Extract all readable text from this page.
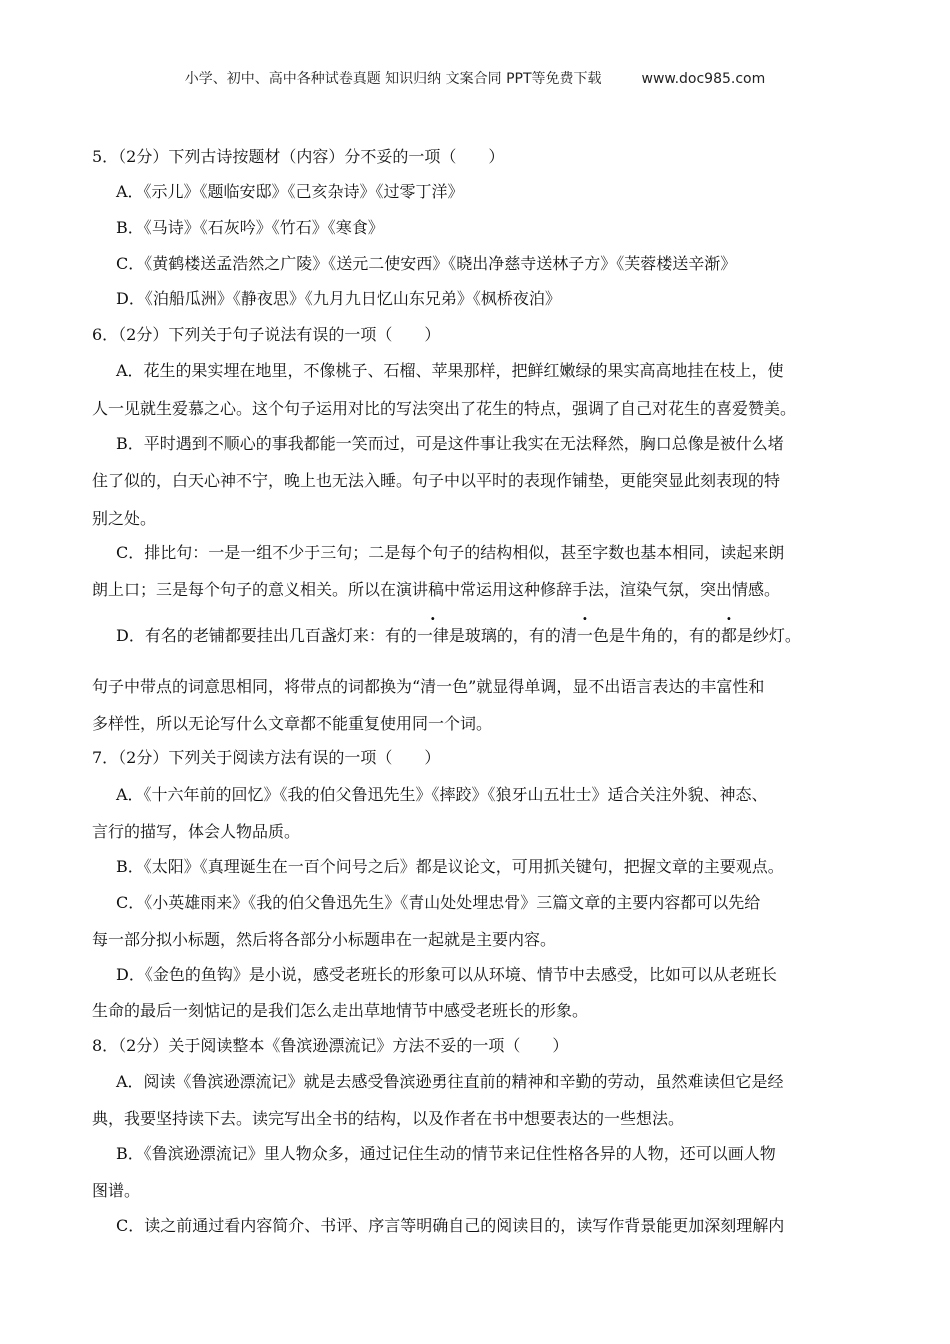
小学、初中、高中各种试卷真题 知识归纳 文案合同 PPT等免费下载	www.doc985.com
5．（2分）下列古诗按题材（内容）分不妥的一项（　　）
A．《示儿》《题临安邸》《己亥杂诗》《过零丁洋》
B．《马诗》《石灰吟》《竹石》《寒食》
C．《黄鹤楼送孟浩然之广陵》《送元二使安西》《晓出净慈寺送林子方》《芙蓉楼送辛渐》
D．《泊船瓜洲》《静夜思》《九月九日忆山东兄弟》《枫桥夜泊》
6．（2分）下列关于句子说法有误的一项（　　）
A．花生的果实埋在地里，不像桃子、石榴、苹果那样，把鲜红嫩绿的果实高高地挂在枝上，使
人一见就生爱慕之心。这个句子运用对比的写法突出了花生的特点，强调了自己对花生的喜爱赞美。
B．平时遇到不顺心的事我都能一笑而过，可是这件事让我实在无法释然，胸口总像是被什么堵
住了似的，白天心神不宁，晚上也无法入睡。句子中以平时的表现作铺垫，更能突显此刻表现的特
别之处。
C．排比句：一是一组不少于三句；二是每个句子的结构相似，甚至字数也基本相同，读起来朗
朗上口；三是每个句子的意义相关。所以在演讲稿中常运用这种修辞手法，渲染气氛，突出情感。
D．有名的老铺都要挂出几百盏灯来：有的一律是玻璃的，有的清一色是牛角的，有的都是纱灯。
句子中带点的词意思相同，将带点的词都换为“清一色”就显得单调，显不出语言表达的丰富性和
多样性，所以无论写什么文章都不能重复使用同一个词。
7．（2分）下列关于阅读方法有误的一项（　　）
A．《十六年前的回忆》《我的伯父鲁迅先生》《摔跤》《狼牙山五壮士》适合关注外貌、神态、
言行的描写，体会人物品质。
B．《太阳》《真理诞生在一百个问号之后》都是议论文，可用抓关键句，把握文章的主要观点。
C．《小英雄雨来》《我的伯父鲁迅先生》《青山处处埋忠骨》三篇文章的主要内容都可以先给
每一部分拟小标题，然后将各部分小标题串在一起就是主要内容。
D．《金色的鱼钩》是小说，感受老班长的形象可以从环境、情节中去感受，比如可以从老班长
生命的最后一刻惦记的是我们怎么走出草地情节中感受老班长的形象。
8．（2分）关于阅读整本《鲁滨逊漂流记》方法不妥的一项（　　）
A．阅读《鲁滨逊漂流记》就是去感受鲁滨逊勇往直前的精神和辛勤的劳动，虽然难读但它是经
典，我要坚持读下去。读完写出全书的结构，以及作者在书中想要表达的一些想法。
B．《鲁滨逊漂流记》里人物众多，通过记住生动的情节来记住性格各异的人物，还可以画人物
图谱。
C．读之前通过看内容简介、书评、序言等明确自己的阅读目的，读写作背景能更加深刻理解内
